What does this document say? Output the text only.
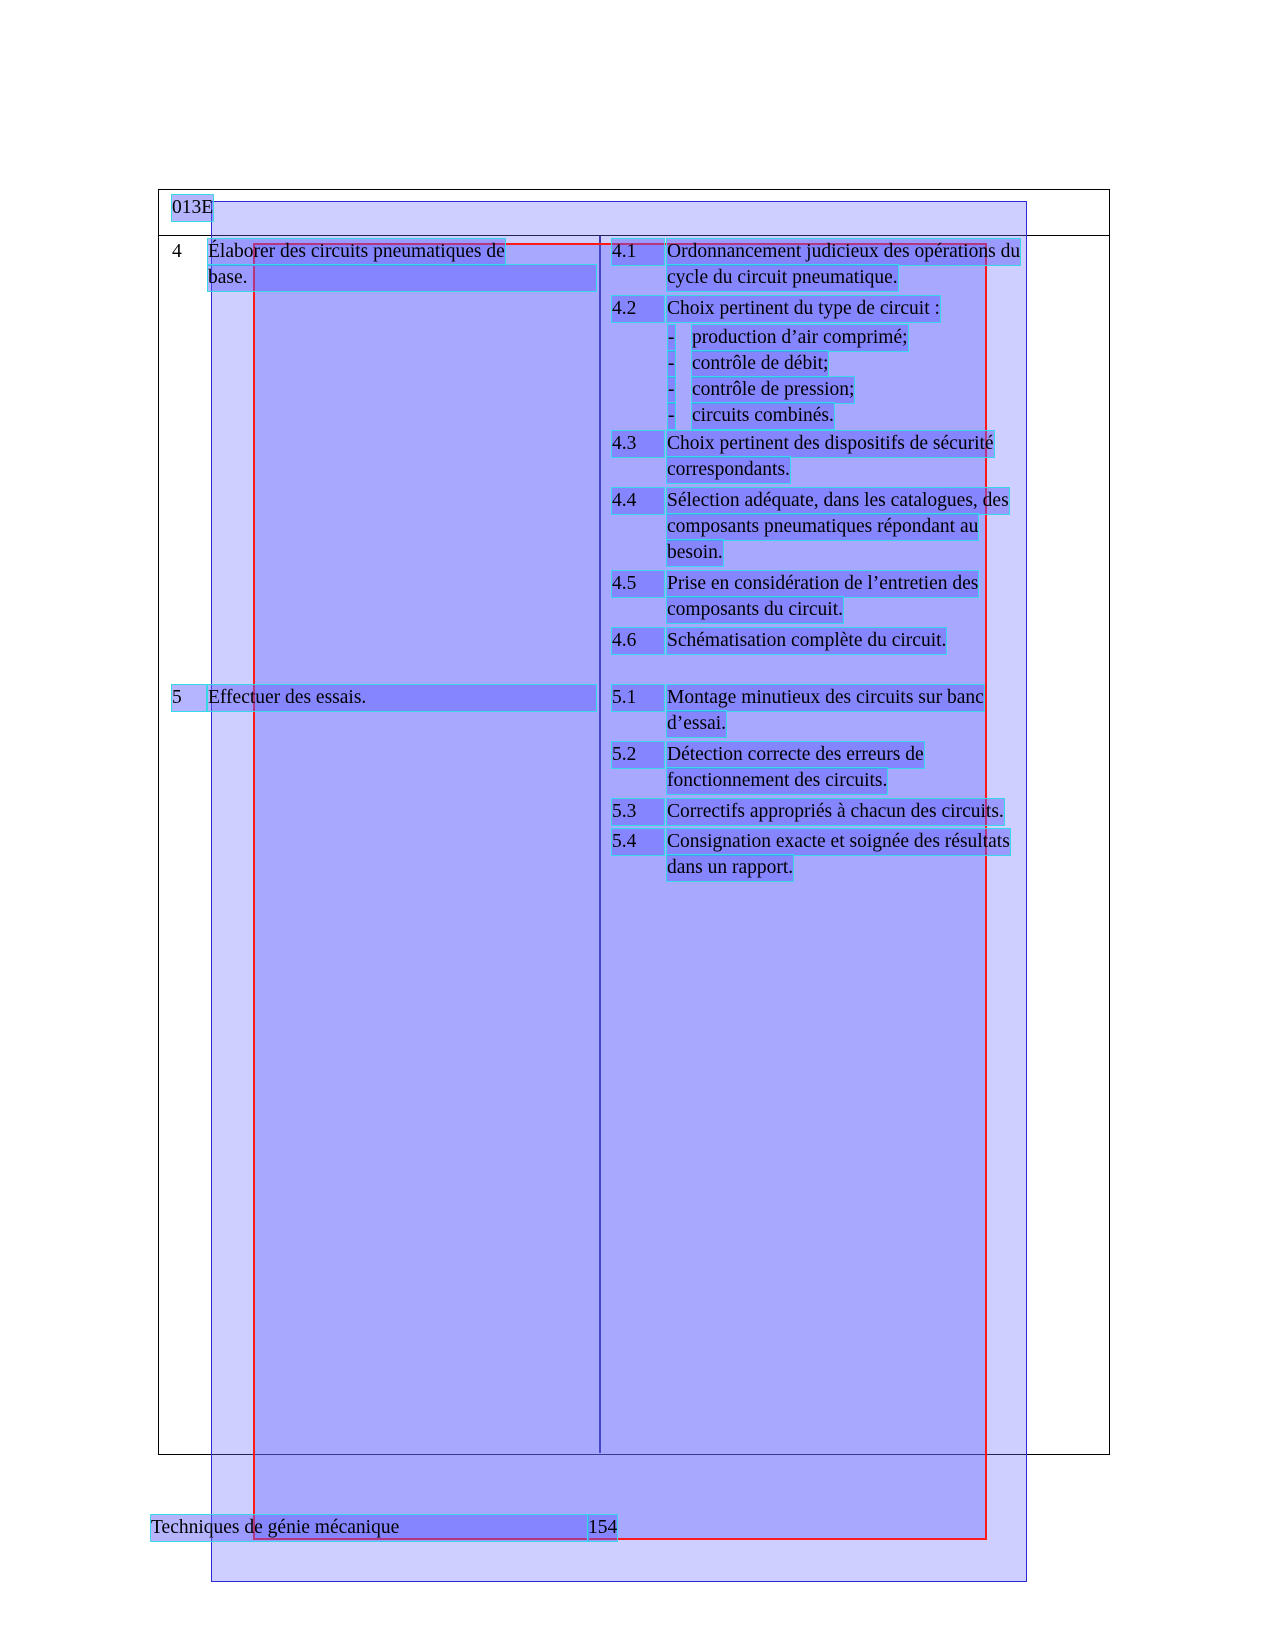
013E
4 Élaborer des circuits pneumatiques de
base.
4.1	Ordonnancement judicieux des opérations du
cycle du circuit pneumatique.
4.2	Choix pertinent du type de circuit :
- production d’air comprimé;
- contrôle de débit;
- contrôle de pression;
- circuits combinés.
4.3	Choix pertinent des dispositifs de sécurité
correspondants.
4.4	Sélection adéquate, dans les catalogues, des
composants pneumatiques répondant au
besoin.
4.5	Prise en considération de l’entretien des
composants du circuit.
4.6	Schématisation complète du circuit.
5	Effectuer des essais.	5.1	Montage minutieux des circuits sur banc
d’essai.
5.2	Détection correcte des erreurs de
fonctionnement des circuits.
5.3	Correctifs appropriés à chacun des circuits.
5.4	Consignation exacte et soignée des résultats
dans un rapport.
Techniques de génie mécanique	154
